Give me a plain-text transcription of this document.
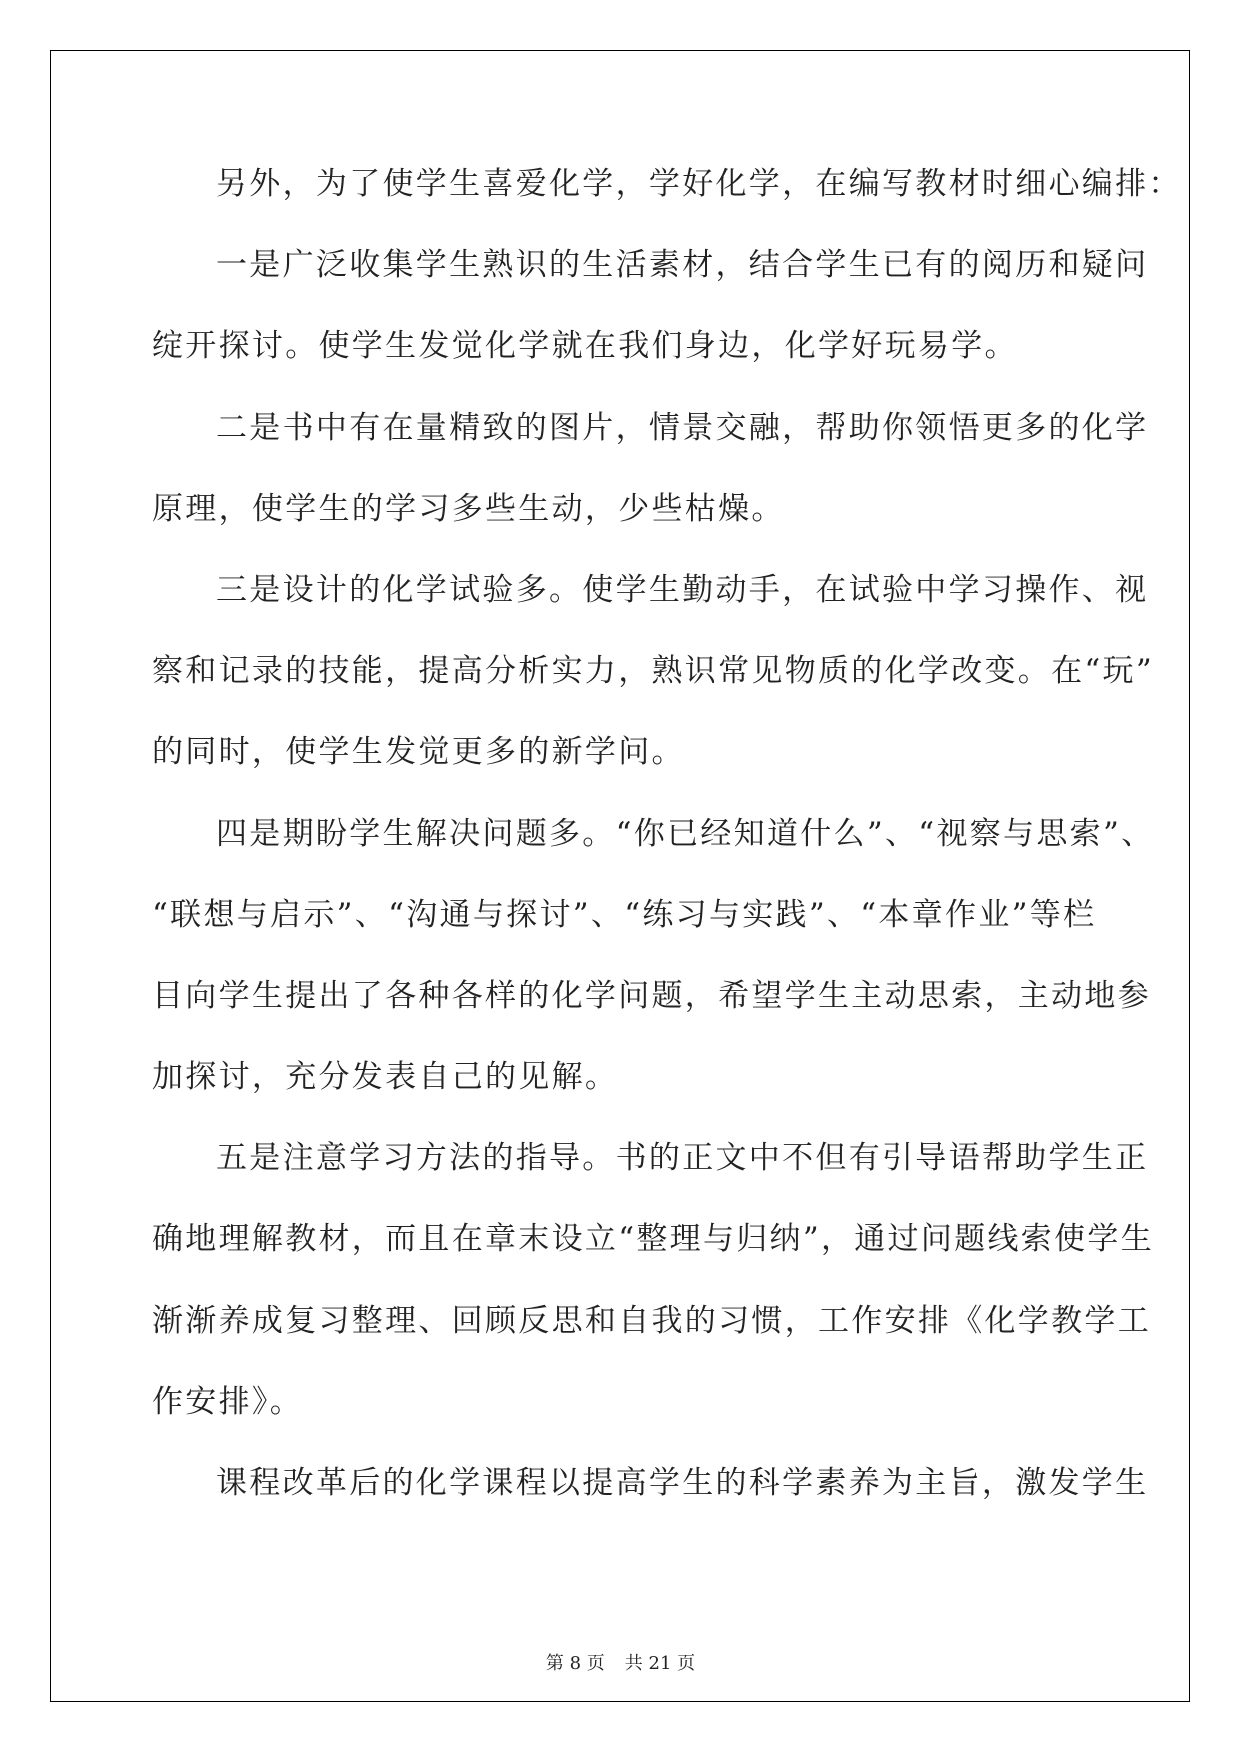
另外，为了使学生喜爱化学，学好化学，在编写教材时细心编排：

一是广泛收集学生熟识的生活素材，结合学生已有的阅历和疑问

绽开探讨。使学生发觉化学就在我们身边，化学好玩易学。

二是书中有在量精致的图片，情景交融，帮助你领悟更多的化学

原理，使学生的学习多些生动，少些枯燥。

三是设计的化学试验多。使学生勤动手，在试验中学习操作、视

察和记录的技能，提高分析实力，熟识常见物质的化学改变。在“玩”

的同时，使学生发觉更多的新学问。

四是期盼学生解决问题多。“你已经知道什么”、“视察与思索”、

“联想与启示”、“沟通与探讨”、“练习与实践”、“本章作业”等栏

目向学生提出了各种各样的化学问题，希望学生主动思索，主动地参

加探讨，充分发表自己的见解。

五是注意学习方法的指导。书的正文中不但有引导语帮助学生正

确地理解教材，而且在章末设立“整理与归纳”，通过问题线索使学生

渐渐养成复习整理、回顾反思和自我的习惯，工作安排《化学教学工

作安排》。

课程改革后的化学课程以提高学生的科学素养为主旨，激发学生

第 8 页 共 21 页
